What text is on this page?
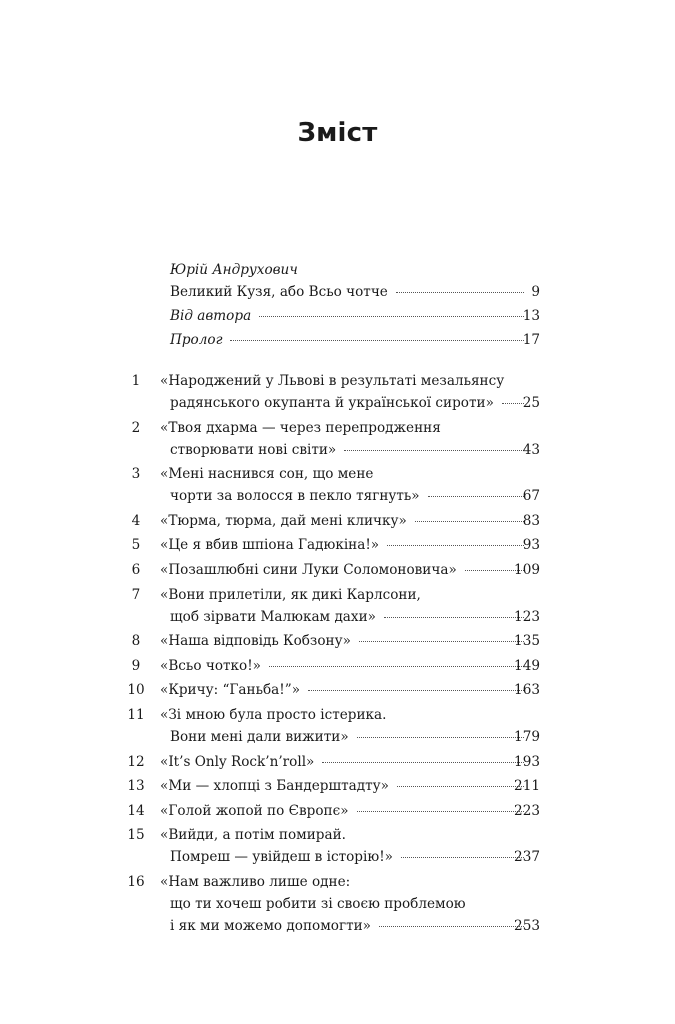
Зміст
Юрій Андрухович
Великий Кузя, або Всьо чотче	9
Від автора	13
Пролог	17
1	«Народжений у Львові в результаті мезальянсу
радянського окупанта й української сироти» 25
2	«Твоя дхарма — через перепродження
створювати нові світи»	43
3	«Мені наснився сон, що мене
чорти за волосся в пекло тягнуть»	67
4	«Тюрма, тюрма, дай мені кличку»	83
5	«Це я вбив шпіона Гадюкіна!»	93
6	«Позашлюбні сини Луки Соломоновича»	109
7	«Вони прилетіли, як дикі Карлсони,
щоб зірвати Малюкам дахи»	123
8	«Наша відповідь Кобзону»	135
9	«Всьо чотко!»	149
10	«Кричу: “Ганьба!”»	163
11	«Зі мною була просто істерика.
Вони мені дали вижити»	179
12	«It’s Only Rock’n’roll»	193
13	«Ми — хлопці з Бандерштадту»	211
14	«Голой жопой по Європє»	223
15	«Вийди, а потім помирай.
Помреш — увійдеш в історію!»	237
16	«Нам важливо лише одне:
що ти хочеш робити зі своєю проблемою
і як ми можемо допомогти»	253
